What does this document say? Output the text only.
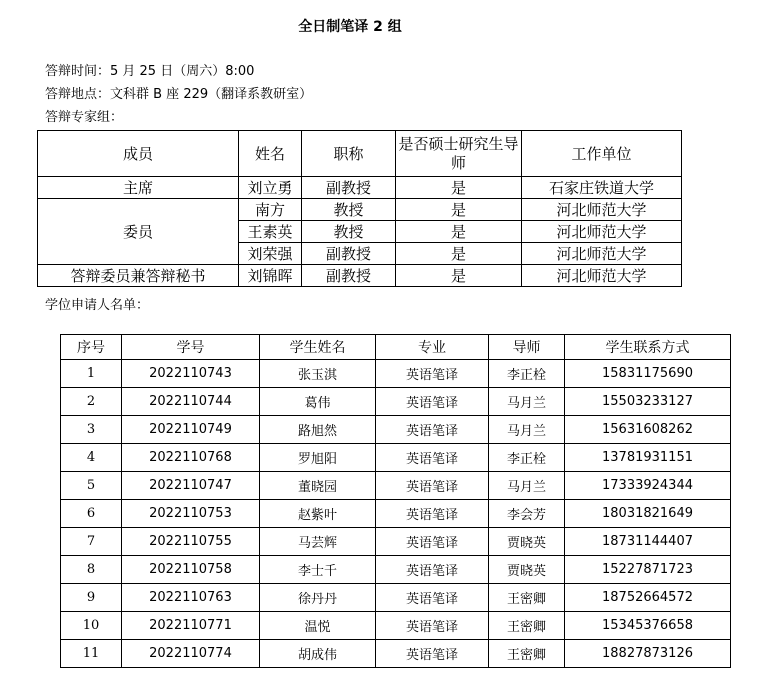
全日制笔译 2 组
答辩时间：5 月 25 日（周六）8:00
答辩地点：文科群 B 座 229（翻译系教研室）
答辩专家组：
成员	姓名	职称	是否硕士研究生导师	工作单位
主席	刘立勇	副教授	是	石家庄铁道大学
委员	南方	教授	是	河北师范大学
	王素英	教授	是	河北师范大学
	刘荣强	副教授	是	河北师范大学
答辩委员兼答辩秘书	刘锦晖	副教授	是	河北师范大学
学位申请人名单：
序号	学号	学生姓名	专业	导师	学生联系方式
1	2022110743	张玉淇	英语笔译	李正栓	15831175690
2	2022110744	葛伟	英语笔译	马月兰	15503233127
3	2022110749	路旭然	英语笔译	马月兰	15631608262
4	2022110768	罗旭阳	英语笔译	李正栓	13781931151
5	2022110747	董晓园	英语笔译	马月兰	17333924344
6	2022110753	赵紫叶	英语笔译	李会芳	18031821649
7	2022110755	马芸辉	英语笔译	贾晓英	18731144407
8	2022110758	李士千	英语笔译	贾晓英	15227871723
9	2022110763	徐丹丹	英语笔译	王密卿	18752664572
10	2022110771	温悦	英语笔译	王密卿	15345376658
11	2022110774	胡成伟	英语笔译	王密卿	18827873126
